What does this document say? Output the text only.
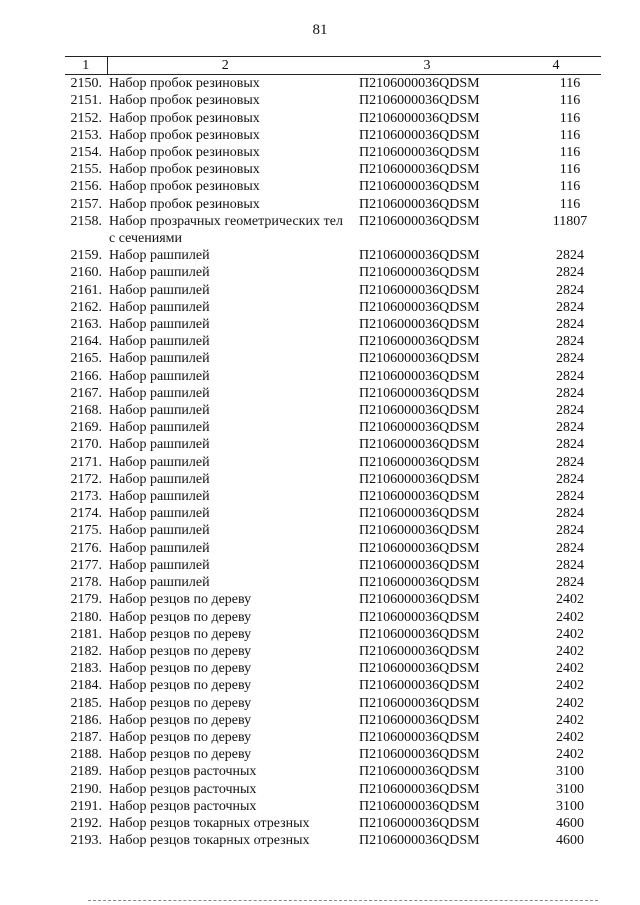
81
1	2	3	4
2150.	Набор пробок резиновых	П2106000036QDSM	116
2151.	Набор пробок резиновых	П2106000036QDSM	116
2152.	Набор пробок резиновых	П2106000036QDSM	116
2153.	Набор пробок резиновых	П2106000036QDSM	116
2154.	Набор пробок резиновых	П2106000036QDSM	116
2155.	Набор пробок резиновых	П2106000036QDSM	116
2156.	Набор пробок резиновых	П2106000036QDSM	116
2157.	Набор пробок резиновых	П2106000036QDSM	116
2158.	Набор прозрачных геометрических тел с сечениями	П2106000036QDSM	11807
2159.	Набор рашпилей	П2106000036QDSM	2824
2160.	Набор рашпилей	П2106000036QDSM	2824
2161.	Набор рашпилей	П2106000036QDSM	2824
2162.	Набор рашпилей	П2106000036QDSM	2824
2163.	Набор рашпилей	П2106000036QDSM	2824
2164.	Набор рашпилей	П2106000036QDSM	2824
2165.	Набор рашпилей	П2106000036QDSM	2824
2166.	Набор рашпилей	П2106000036QDSM	2824
2167.	Набор рашпилей	П2106000036QDSM	2824
2168.	Набор рашпилей	П2106000036QDSM	2824
2169.	Набор рашпилей	П2106000036QDSM	2824
2170.	Набор рашпилей	П2106000036QDSM	2824
2171.	Набор рашпилей	П2106000036QDSM	2824
2172.	Набор рашпилей	П2106000036QDSM	2824
2173.	Набор рашпилей	П2106000036QDSM	2824
2174.	Набор рашпилей	П2106000036QDSM	2824
2175.	Набор рашпилей	П2106000036QDSM	2824
2176.	Набор рашпилей	П2106000036QDSM	2824
2177.	Набор рашпилей	П2106000036QDSM	2824
2178.	Набор рашпилей	П2106000036QDSM	2824
2179.	Набор резцов по дереву	П2106000036QDSM	2402
2180.	Набор резцов по дереву	П2106000036QDSM	2402
2181.	Набор резцов по дереву	П2106000036QDSM	2402
2182.	Набор резцов по дереву	П2106000036QDSM	2402
2183.	Набор резцов по дереву	П2106000036QDSM	2402
2184.	Набор резцов по дереву	П2106000036QDSM	2402
2185.	Набор резцов по дереву	П2106000036QDSM	2402
2186.	Набор резцов по дереву	П2106000036QDSM	2402
2187.	Набор резцов по дереву	П2106000036QDSM	2402
2188.	Набор резцов по дереву	П2106000036QDSM	2402
2189.	Набор резцов расточных	П2106000036QDSM	3100
2190.	Набор резцов расточных	П2106000036QDSM	3100
2191.	Набор резцов расточных	П2106000036QDSM	3100
2192.	Набор резцов токарных отрезных	П2106000036QDSM	4600
2193.	Набор резцов токарных отрезных	П2106000036QDSM	4600
